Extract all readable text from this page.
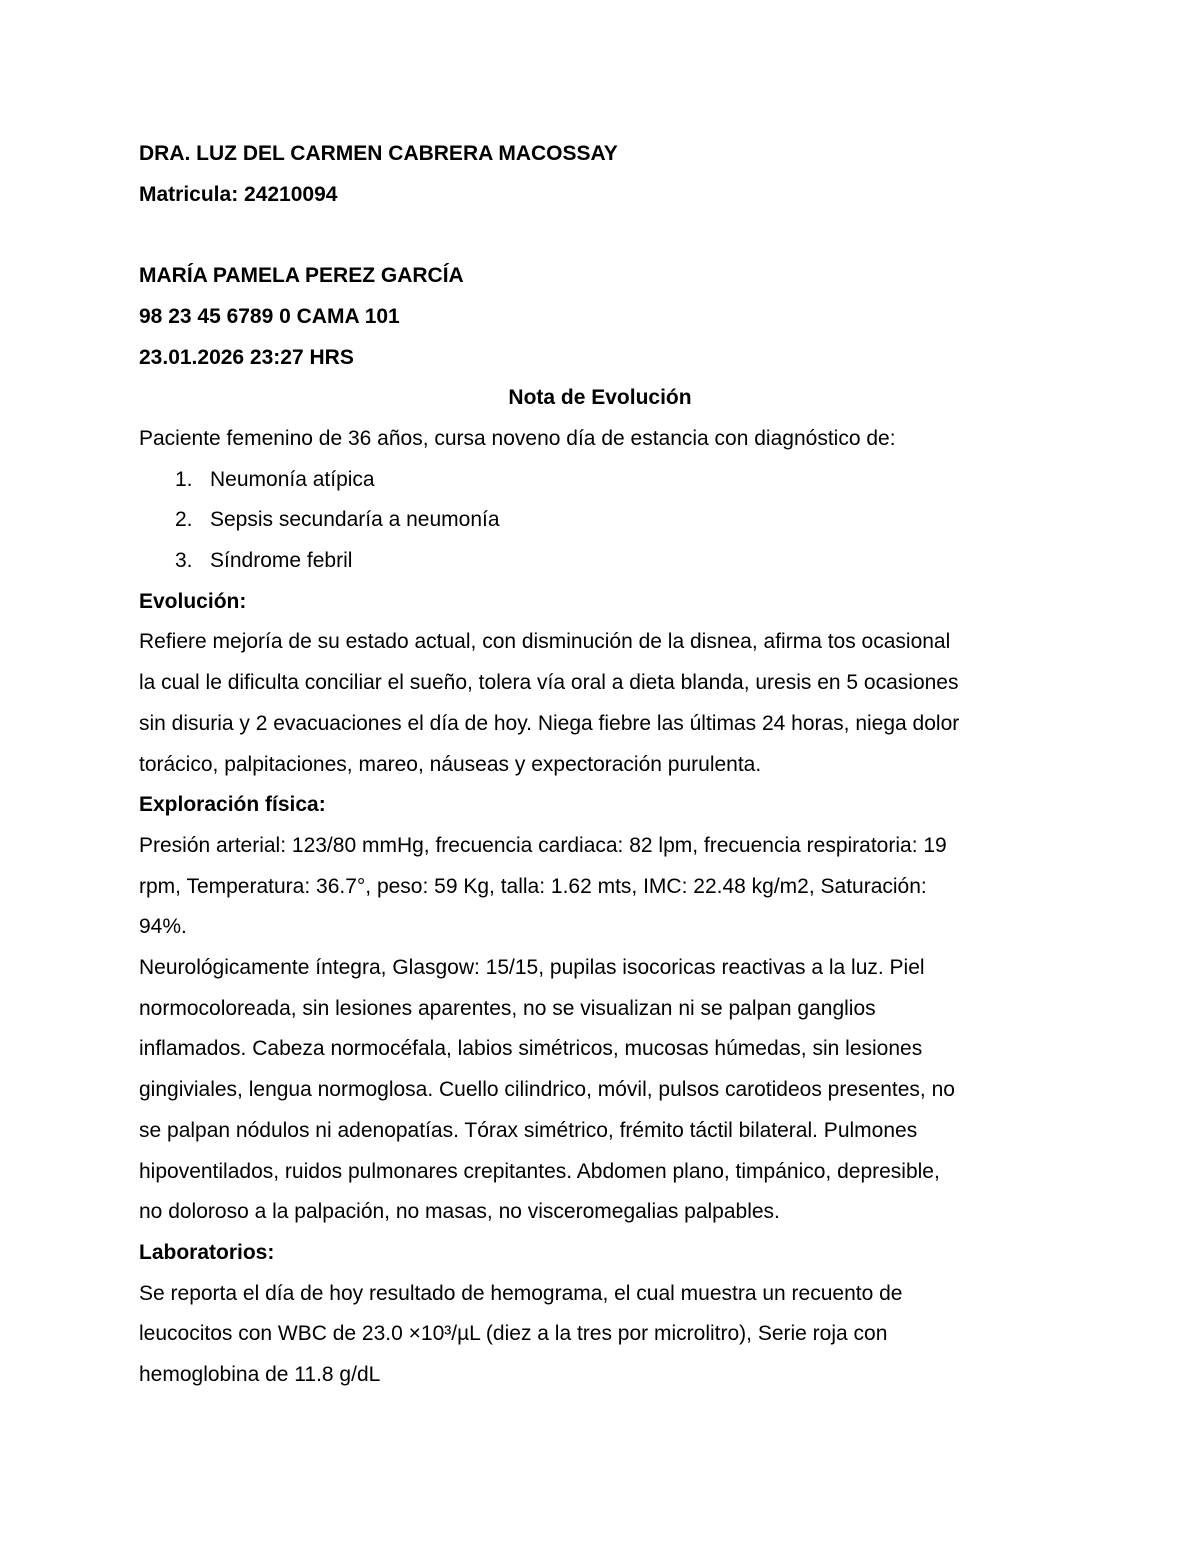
DRA. LUZ DEL CARMEN CABRERA MACOSSAY
Matricula: 24210094
MARÍA PAMELA PEREZ GARCÍA
98 23 45 6789 0 CAMA 101
23.01.2026 23:27 HRS
Nota de Evolución
Paciente femenino de 36 años, cursa noveno día de estancia con diagnóstico de:
1. Neumonía atípica
2. Sepsis secundaría a neumonía
3. Síndrome febril
Evolución:
Refiere mejoría de su estado actual, con disminución de la disnea, afirma tos ocasional
la cual le dificulta conciliar el sueño, tolera vía oral a dieta blanda, uresis en 5 ocasiones
sin disuria y 2 evacuaciones el día de hoy. Niega fiebre las últimas 24 horas, niega dolor
torácico, palpitaciones, mareo, náuseas y expectoración purulenta.
Exploración física:
Presión arterial: 123/80 mmHg, frecuencia cardiaca: 82 lpm, frecuencia respiratoria: 19
rpm, Temperatura: 36.7°, peso: 59 Kg, talla: 1.62 mts, IMC: 22.48 kg/m2, Saturación:
94%.
Neurológicamente íntegra, Glasgow: 15/15, pupilas isocoricas reactivas a la luz. Piel
normocoloreada, sin lesiones aparentes, no se visualizan ni se palpan ganglios
inflamados. Cabeza normocéfala, labios simétricos, mucosas húmedas, sin lesiones
gingiviales, lengua normoglosa. Cuello cilindrico, móvil, pulsos carotideos presentes, no
se palpan nódulos ni adenopatías. Tórax simétrico, frémito táctil bilateral. Pulmones
hipoventilados, ruidos pulmonares crepitantes. Abdomen plano, timpánico, depresible,
no doloroso a la palpación, no masas, no visceromegalias palpables.
Laboratorios:
Se reporta el día de hoy resultado de hemograma, el cual muestra un recuento de
leucocitos con WBC de 23.0 ×10³/µL (diez a la tres por microlitro), Serie roja con
hemoglobina de 11.8 g/dL
